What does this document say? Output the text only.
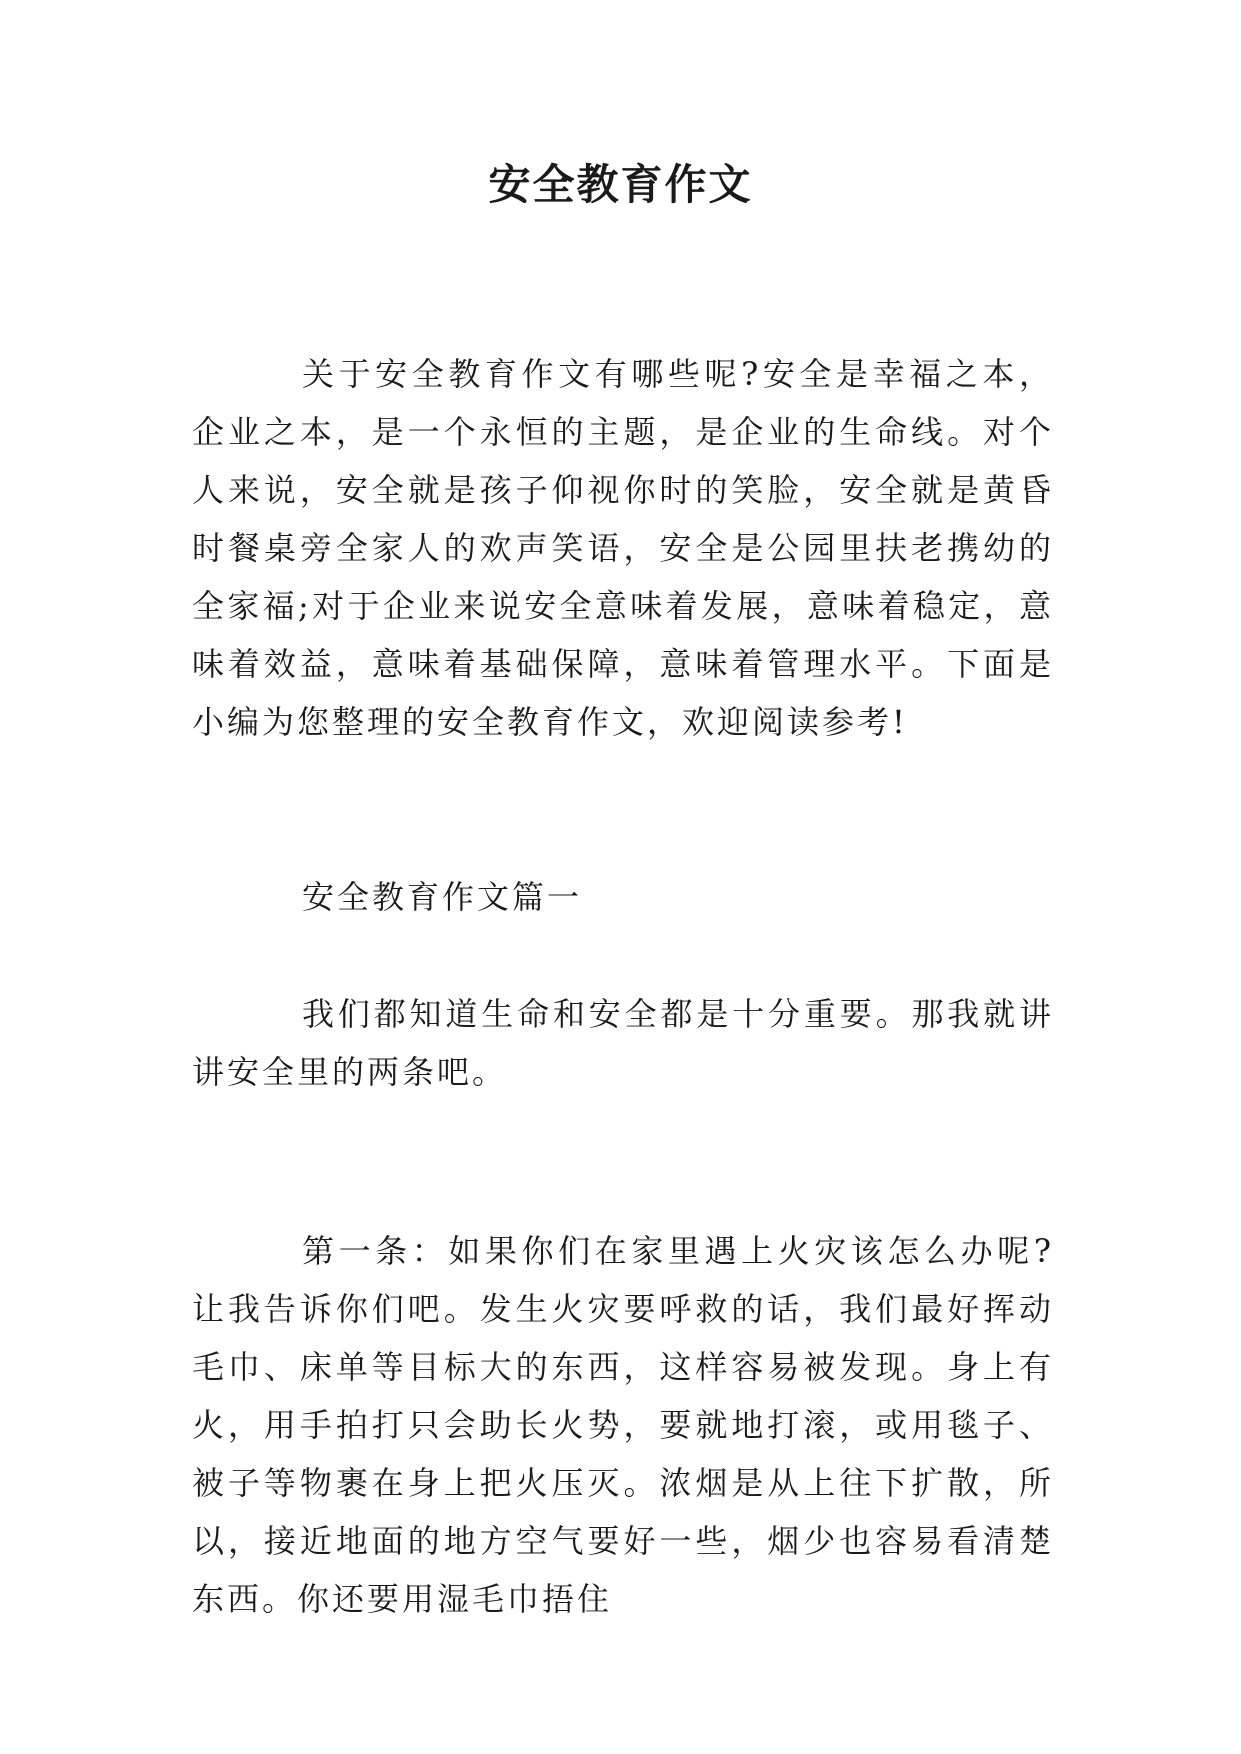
安全教育作文

关于安全教育作文有哪些呢?安全是幸福之本，企业之本，是一个永恒的主题，是企业的生命线。对个人来说，安全就是孩子仰视你时的笑脸，安全就是黄昏时餐桌旁全家人的欢声笑语，安全是公园里扶老携幼的全家福;对于企业来说安全意味着发展，意味着稳定，意味着效益，意味着基础保障，意味着管理水平。下面是小编为您整理的安全教育作文，欢迎阅读参考!

安全教育作文篇一

我们都知道生命和安全都是十分重要。那我就讲讲安全里的两条吧。

第一条：如果你们在家里遇上火灾该怎么办呢?让我告诉你们吧。发生火灾要呼救的话，我们最好挥动毛巾、床单等目标大的东西，这样容易被发现。身上有火，用手拍打只会助长火势，要就地打滚，或用毯子、被子等物裹在身上把火压灭。浓烟是从上往下扩散，所以，接近地面的地方空气要好一些，烟少也容易看清楚东西。你还要用湿毛巾捂住
